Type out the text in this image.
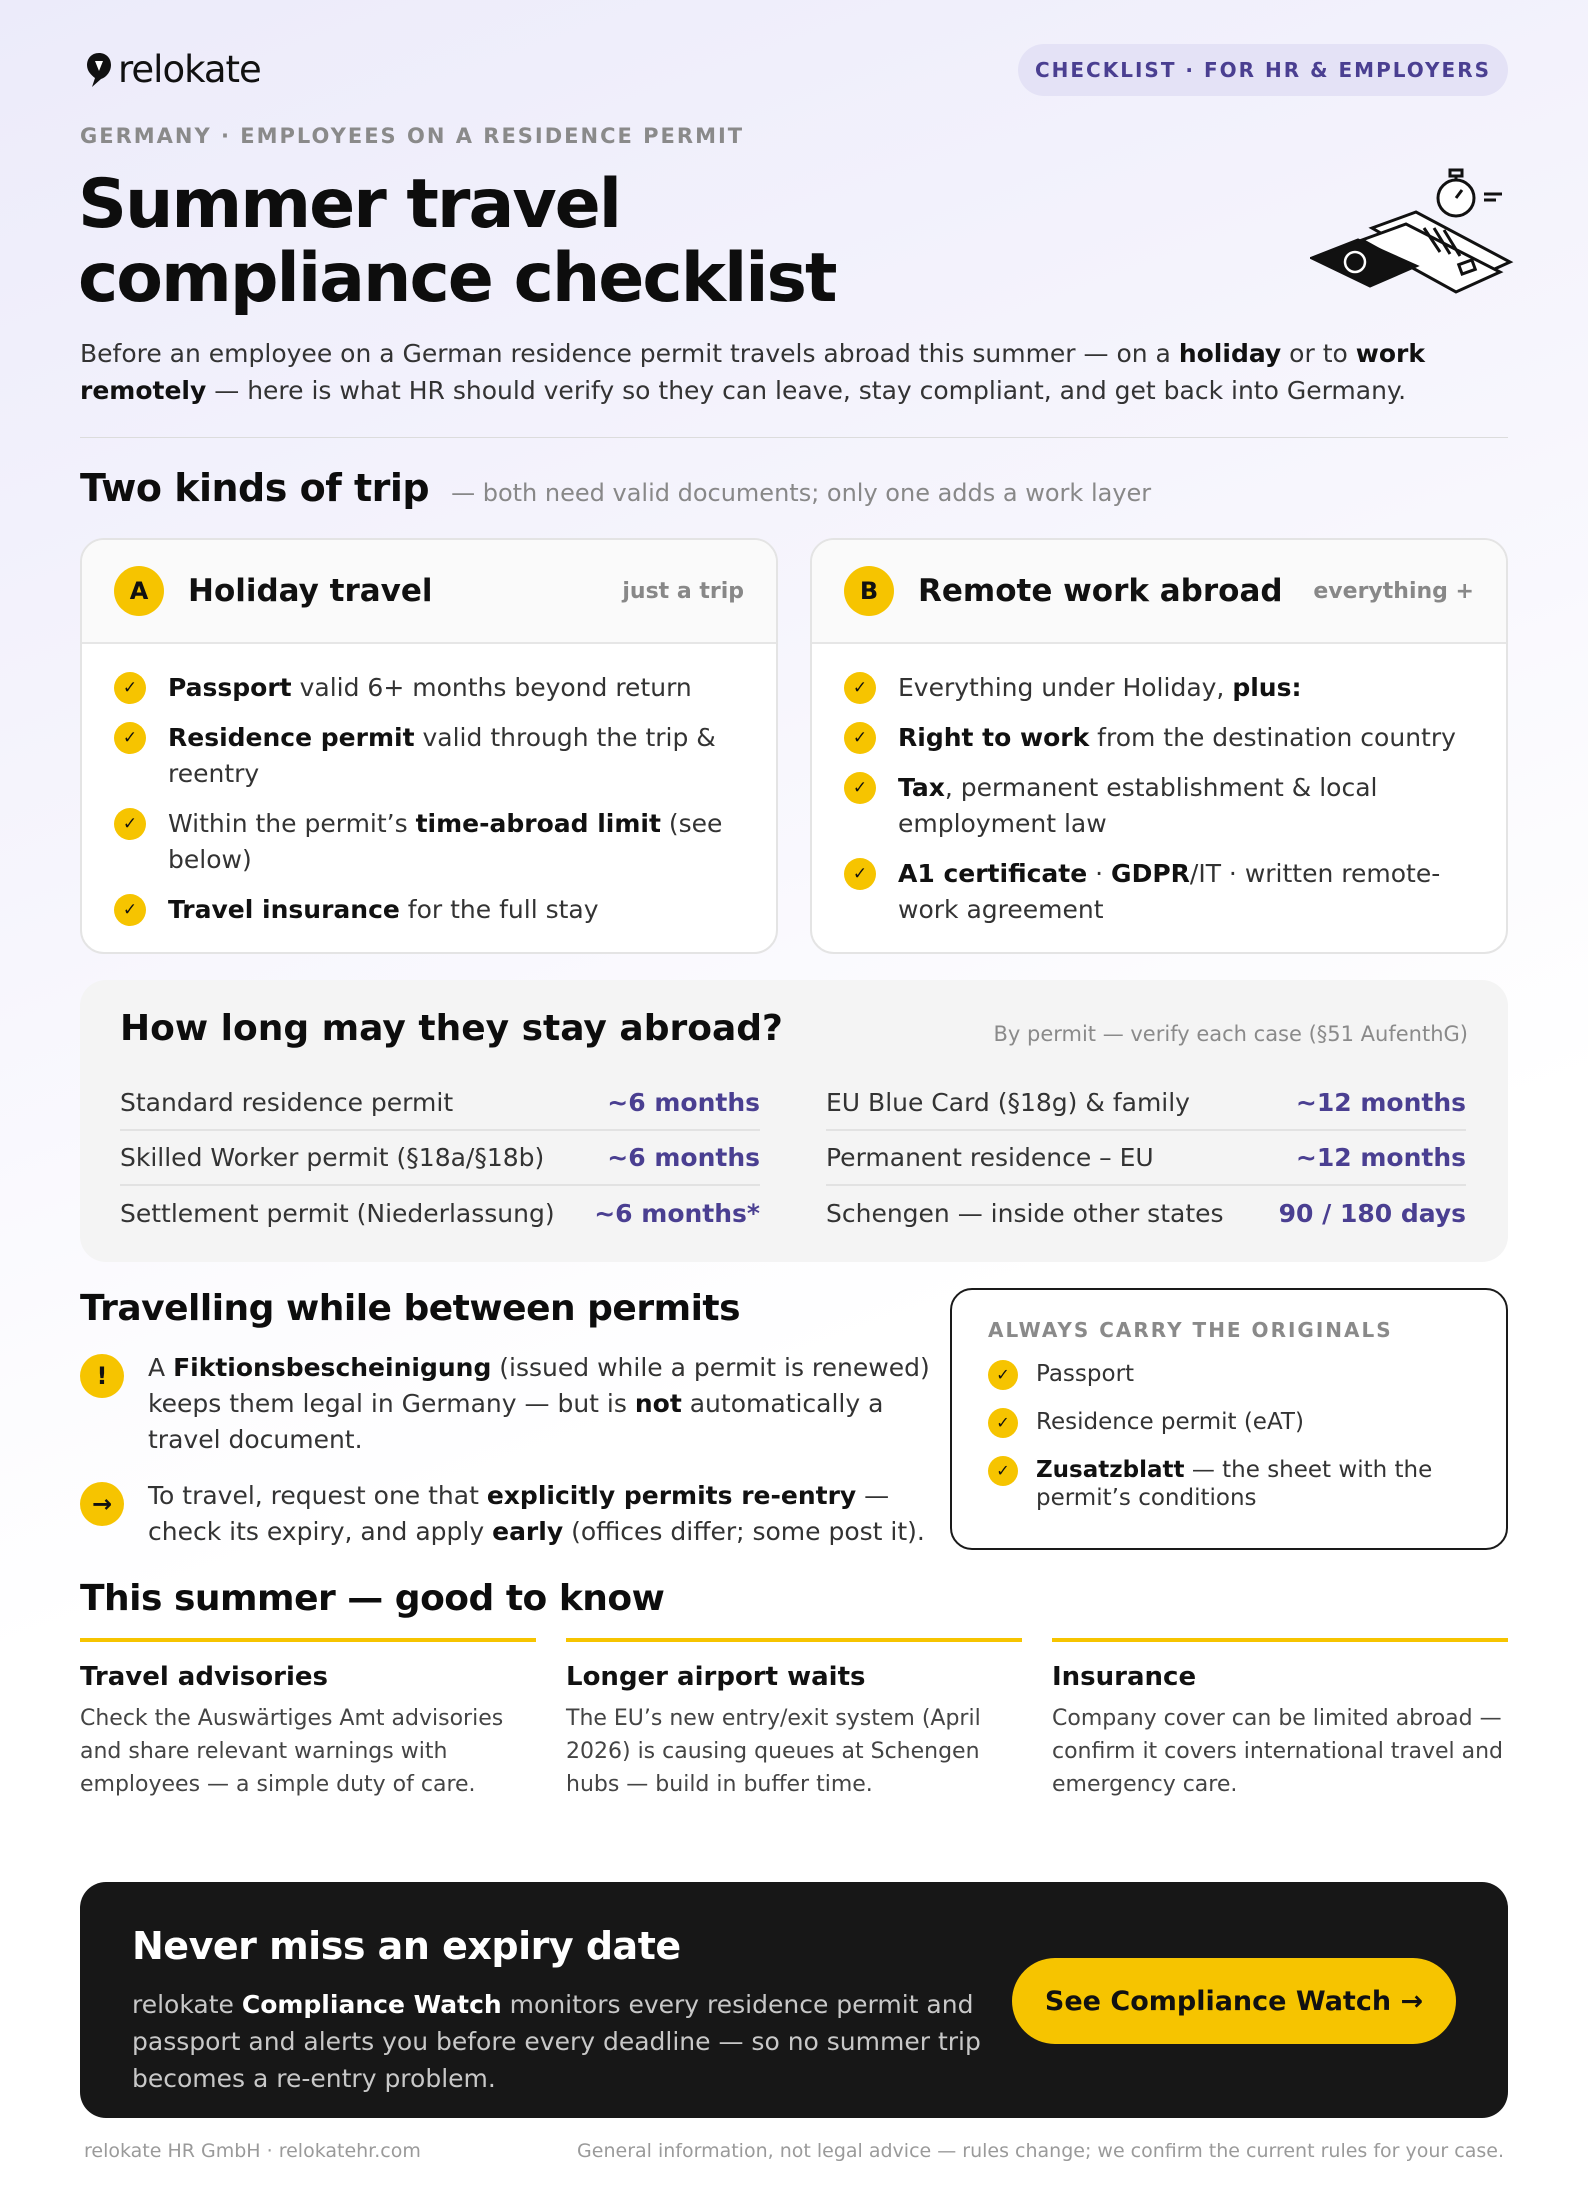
relokate	CHECKLIST · FOR HR & EMPLOYERS
GERMANY · EMPLOYEES ON A RESIDENCE PERMIT
Summer travel
compliance checklist

Before an employee on a German residence permit travels abroad this summer — on a holiday or to work remotely — here is what HR should verify so they can leave, stay compliant, and get back into Germany.

Two kinds of trip — both need valid documents; only one adds a work layer
A	Holiday travel	just a trip
✓	Passport valid 6+ months beyond return
✓	Residence permit valid through the trip & reentry
✓	Within the permit’s time-abroad limit (see below)
✓	Travel insurance for the full stay
B	Remote work abroad	everything +
✓	Everything under Holiday, plus:
✓	Right to work from the destination country
✓	Tax, permanent establishment & local employment law
✓	A1 certificate · GDPR/IT · written remote-work agreement
How long may they stay abroad?	By permit — verify each case (§51 AufenthG)
Standard residence permit	~6 months
Skilled Worker permit (§18a/§18b)	~6 months
Settlement permit (Niederlassung) ~6 months*
EU Blue Card (§18g) & family	~12 months
Permanent residence – EU	~12 months
Schengen — inside other states 90 / 180 days
Travelling while between permits
!	A Fiktionsbescheinigung (issued while a permit is renewed) keeps them legal in Germany — but is not automatically a travel document.

→	To travel, request one that explicitly permits re-entry — check its expiry, and apply early (offices differ; some post it).

ALWAYS CARRY THE ORIGINALS
✓	Passport
✓	Residence permit (eAT)
✓	Zusatzblatt — the sheet with the permit’s conditions
This summer — good to know
Travel advisories

Check the Auswärtiges Amt advisories and share relevant warnings with employees — a simple duty of care.

Longer airport waits

The EU’s new entry/exit system (April 2026) is causing queues at Schengen hubs — build in buffer time.

Insurance

Company cover can be limited abroad — confirm it covers international travel and emergency care.

Never miss an expiry date

relokate Compliance Watch monitors every residence permit and passport and alerts you before every deadline — so no summer trip becomes a re-entry problem.

See Compliance Watch →
relokate HR GmbH · relokatehr.com	General information, not legal advice — rules change; we confirm the current rules for your case.
